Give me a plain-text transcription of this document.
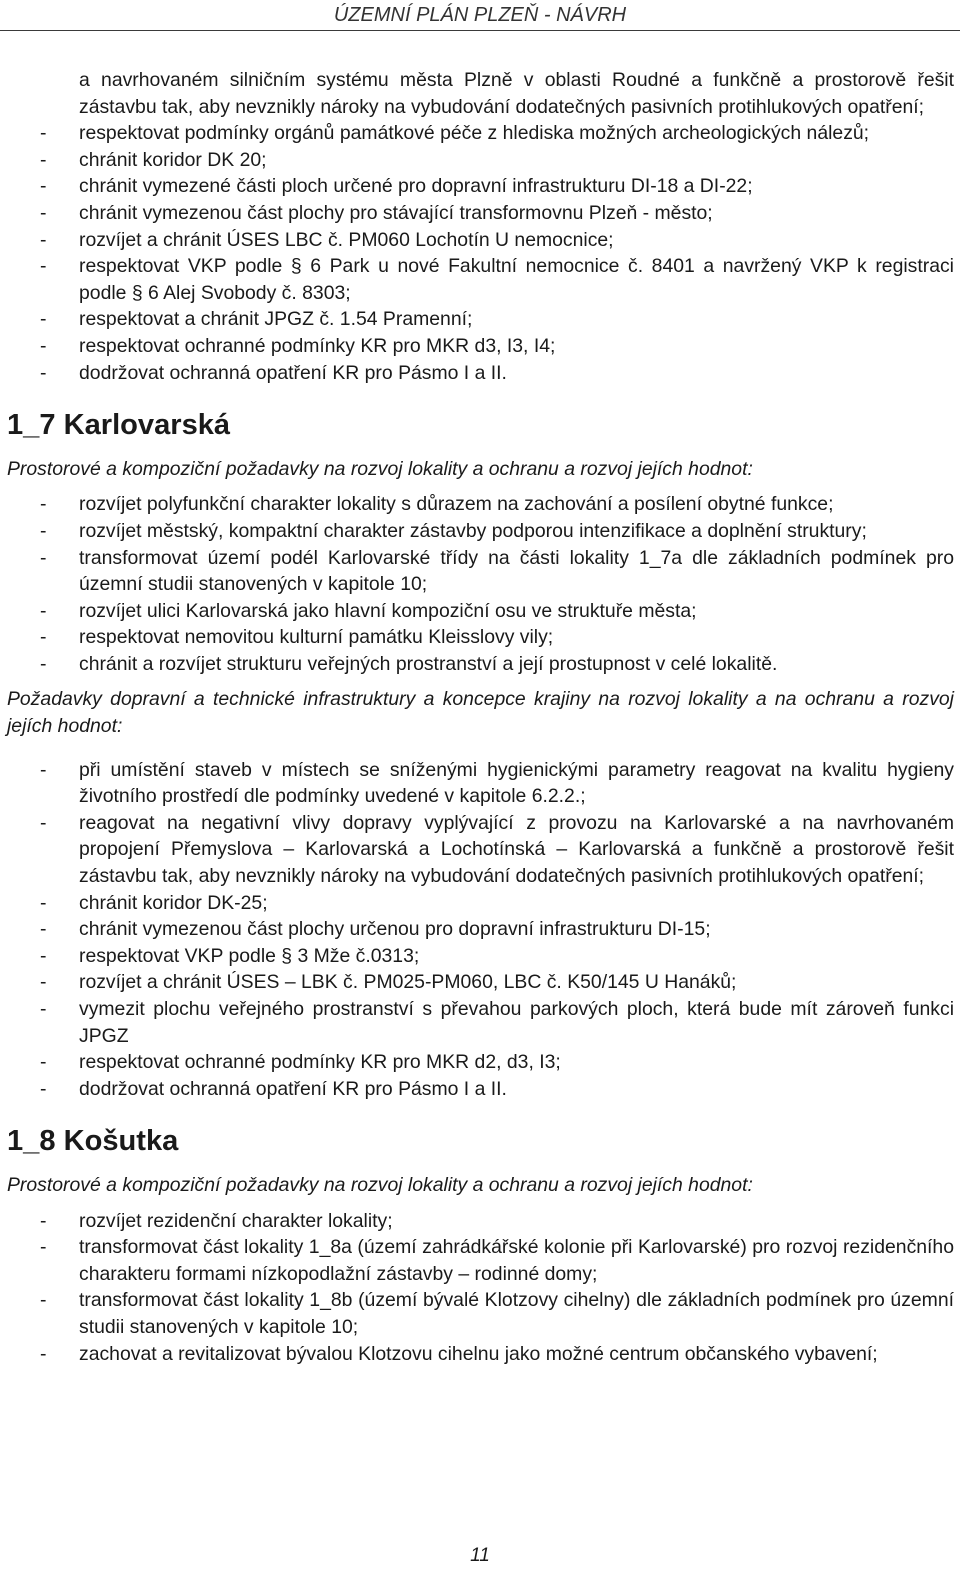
ÚZEMNÍ PLÁN PLZEŇ - NÁVRH

a navrhovaném silničním systému města Plzně v oblasti Roudné a funkčně a prostorově řešit zástavbu tak, aby nevznikly nároky na vybudování dodatečných pasivních protihlukových opatření;

- respektovat podmínky orgánů památkové péče z hlediska možných archeologických nálezů;

- chránit koridor DK 20;

- chránit vymezené části ploch určené pro dopravní infrastrukturu DI-18 a DI-22;

- chránit vymezenou část plochy pro stávající transformovnu Plzeň - město;

- rozvíjet a chránit ÚSES LBC č. PM060 Lochotín U nemocnice;

- respektovat VKP podle § 6 Park u nové Fakultní nemocnice č. 8401 a navržený VKP k registraci podle § 6 Alej Svobody č. 8303;

- respektovat a chránit JPGZ č. 1.54 Pramenní;

- respektovat ochranné podmínky KR pro MKR d3, I3, I4;

- dodržovat ochranná opatření KR pro Pásmo I a II.

1_7 Karlovarská

Prostorové a kompoziční požadavky na rozvoj lokality a ochranu a rozvoj jejích hodnot:

- rozvíjet polyfunkční charakter lokality s důrazem na zachování a posílení obytné funkce;

- rozvíjet městský, kompaktní charakter zástavby podporou intenzifikace a doplnění struktury;

- transformovat území podél Karlovarské třídy na části lokality 1_7a dle základních podmínek pro územní studii stanovených v kapitole 10;

- rozvíjet ulici Karlovarská jako hlavní kompoziční osu ve struktuře města;

- respektovat nemovitou kulturní památku Kleisslovy vily;

- chránit a rozvíjet strukturu veřejných prostranství a její prostupnost v celé lokalitě.

Požadavky dopravní a technické infrastruktury a koncepce krajiny na rozvoj lokality a na ochranu a rozvoj jejích hodnot:

- při umístění staveb v místech se sníženými hygienickými parametry reagovat na kvalitu hygieny životního prostředí dle podmínky uvedené v kapitole 6.2.2.;

- reagovat na negativní vlivy dopravy vyplývající z provozu na Karlovarské a na navrhovaném propojení Přemyslova – Karlovarská a Lochotínská – Karlovarská a funkčně a prostorově řešit zástavbu tak, aby nevznikly nároky na vybudování dodatečných pasivních protihlukových opatření;

- chránit koridor DK-25;

- chránit vymezenou část plochy určenou pro dopravní infrastrukturu DI-15;

- respektovat VKP podle § 3 Mže č.0313;

- rozvíjet a chránit ÚSES – LBK č. PM025-PM060, LBC č. K50/145 U Hanáků;

- vymezit plochu veřejného prostranství s převahou parkových ploch, která bude mít zároveň funkci JPGZ

- respektovat ochranné podmínky KR pro MKR d2, d3, I3;

- dodržovat ochranná opatření KR pro Pásmo I a II.

1_8 Košutka

Prostorové a kompoziční požadavky na rozvoj lokality a ochranu a rozvoj jejích hodnot:

- rozvíjet rezidenční charakter lokality;

- transformovat část lokality 1_8a (území zahrádkářské kolonie při Karlovarské) pro rozvoj rezidenčního charakteru formami nízkopodlažní zástavby – rodinné domy;

- transformovat část lokality 1_8b (území bývalé Klotzovy cihelny) dle základních podmínek pro územní studii stanovených v kapitole 10;

- zachovat a revitalizovat bývalou Klotzovu cihelnu jako možné centrum občanského vybavení;

11
